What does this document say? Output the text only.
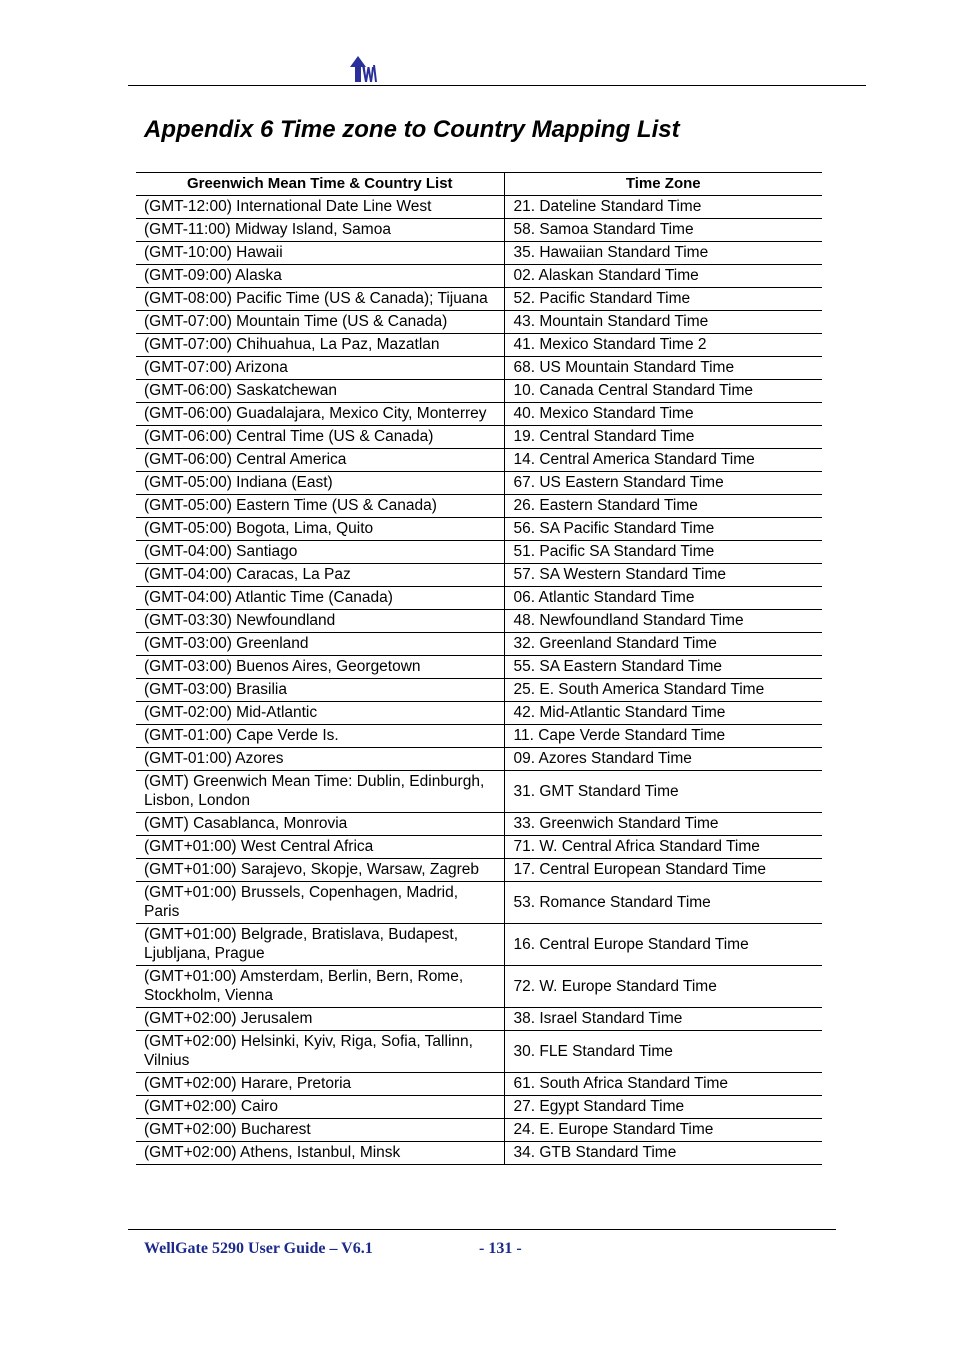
Appendix 6 Time zone to Country Mapping List
Greenwich Mean Time & Country List	Time Zone
(GMT-12:00) International Date Line West	21. Dateline Standard Time
(GMT-11:00) Midway Island, Samoa	58. Samoa Standard Time
(GMT-10:00) Hawaii	35. Hawaiian Standard Time
(GMT-09:00) Alaska	02. Alaskan Standard Time
(GMT-08:00) Pacific Time (US & Canada); Tijuana	52. Pacific Standard Time
(GMT-07:00) Mountain Time (US & Canada)	43. Mountain Standard Time
(GMT-07:00) Chihuahua, La Paz, Mazatlan	41. Mexico Standard Time 2
(GMT-07:00) Arizona	68. US Mountain Standard Time
(GMT-06:00) Saskatchewan	10. Canada Central Standard Time
(GMT-06:00) Guadalajara, Mexico City, Monterrey	40. Mexico Standard Time
(GMT-06:00) Central Time (US & Canada)	19. Central Standard Time
(GMT-06:00) Central America	14. Central America Standard Time
(GMT-05:00) Indiana (East)	67. US Eastern Standard Time
(GMT-05:00) Eastern Time (US & Canada)	26. Eastern Standard Time
(GMT-05:00) Bogota, Lima, Quito	56. SA Pacific Standard Time
(GMT-04:00) Santiago	51. Pacific SA Standard Time
(GMT-04:00) Caracas, La Paz	57. SA Western Standard Time
(GMT-04:00) Atlantic Time (Canada)	06. Atlantic Standard Time
(GMT-03:30) Newfoundland	48. Newfoundland Standard Time
(GMT-03:00) Greenland	32. Greenland Standard Time
(GMT-03:00) Buenos Aires, Georgetown	55. SA Eastern Standard Time
(GMT-03:00) Brasilia	25. E. South America Standard Time
(GMT-02:00) Mid-Atlantic	42. Mid-Atlantic Standard Time
(GMT-01:00) Cape Verde Is.	11. Cape Verde Standard Time
(GMT-01:00) Azores	09. Azores Standard Time
(GMT) Greenwich Mean Time: Dublin, Edinburgh, Lisbon, London	31. GMT Standard Time
(GMT) Casablanca, Monrovia	33. Greenwich Standard Time
(GMT+01:00) West Central Africa	71. W. Central Africa Standard Time
(GMT+01:00) Sarajevo, Skopje, Warsaw, Zagreb	17. Central European Standard Time
(GMT+01:00) Brussels, Copenhagen, Madrid, Paris	53. Romance Standard Time
(GMT+01:00) Belgrade, Bratislava, Budapest, Ljubljana, Prague	16. Central Europe Standard Time
(GMT+01:00) Amsterdam, Berlin, Bern, Rome, Stockholm, Vienna	72. W. Europe Standard Time
(GMT+02:00) Jerusalem	38. Israel Standard Time
(GMT+02:00) Helsinki, Kyiv, Riga, Sofia, Tallinn, Vilnius	30. FLE Standard Time
(GMT+02:00) Harare, Pretoria	61. South Africa Standard Time
(GMT+02:00) Cairo	27. Egypt Standard Time
(GMT+02:00) Bucharest	24. E. Europe Standard Time
(GMT+02:00) Athens, Istanbul, Minsk	34. GTB Standard Time
WellGate 5290 User Guide – V6.1	- 131 -
